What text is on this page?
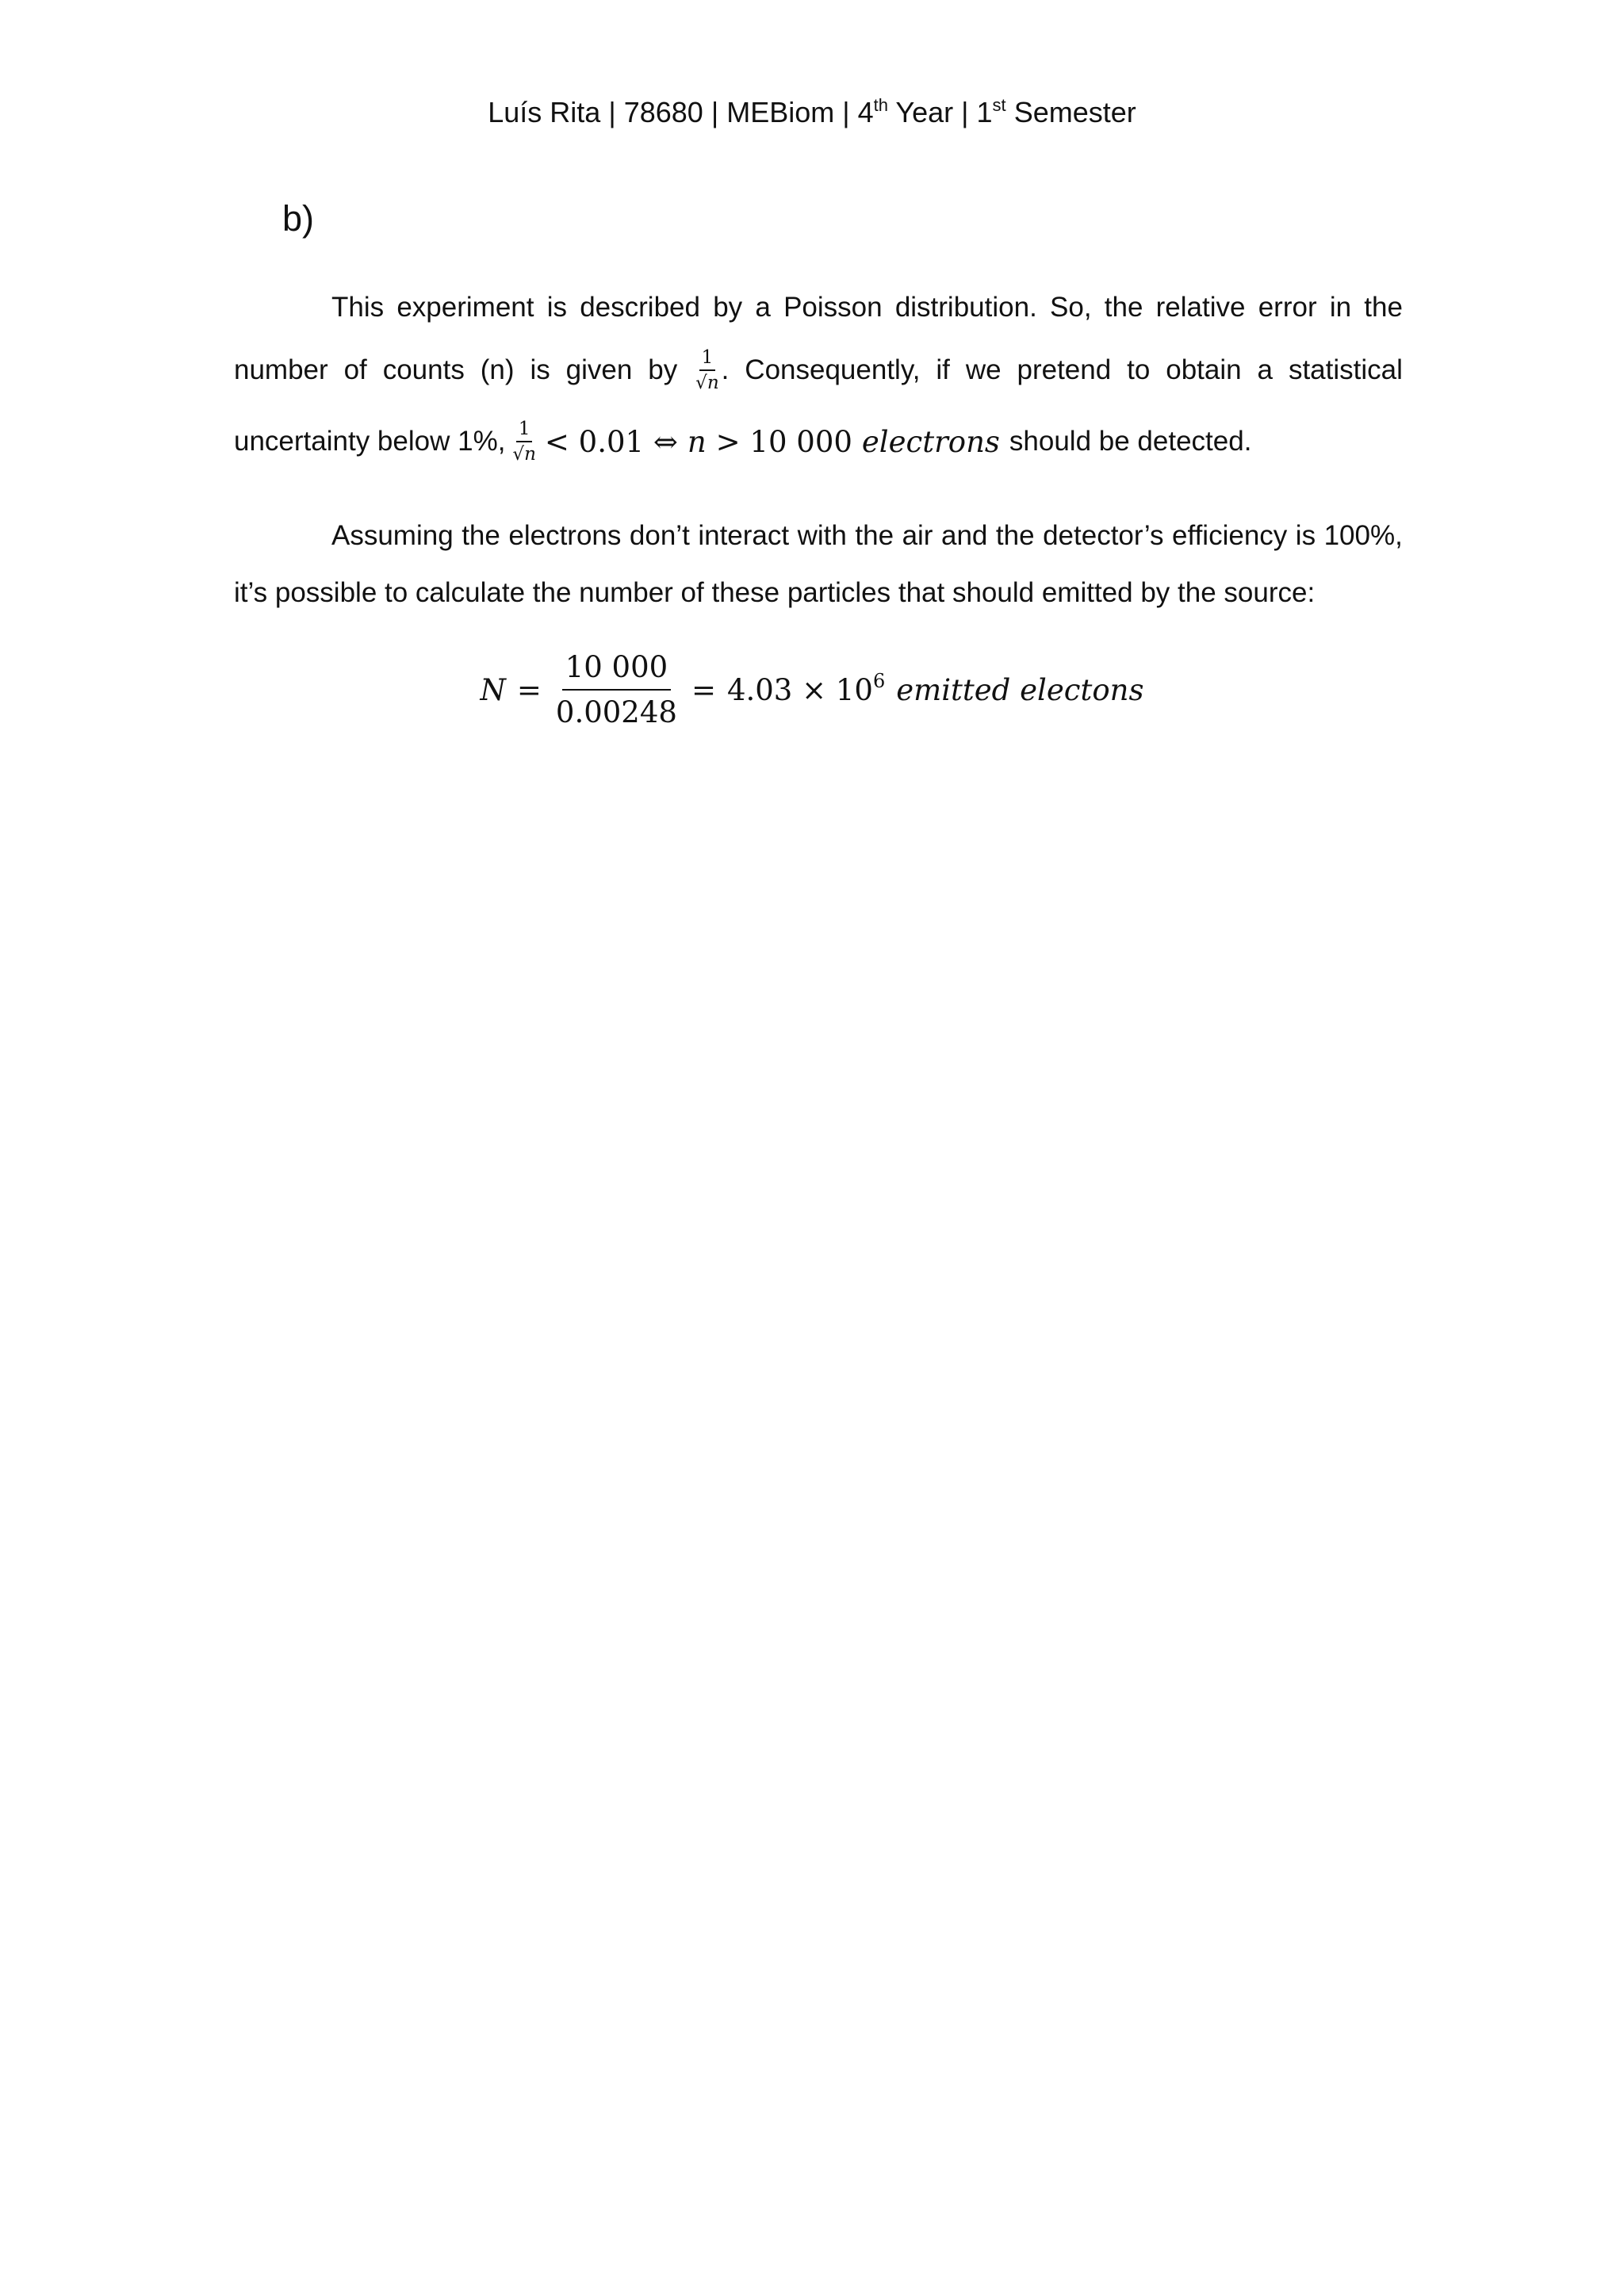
Luís Rita | 78680 | MEBiom | 4th Year | 1st Semester
b)
This experiment is described by a Poisson distribution. So, the relative error in the
number of counts (n) is given by $\frac{1}{√n}$ . Consequently, if we pretend to obtain a statistical
uncertainty below 1%, $\frac{1}{√n} < 0.01$ ⇔ n > 10 000 electrons should be detected.
Assuming the electrons don’t interact with the air and the detector’s efficiency is 100%,
it’s possible to calculate the number of these particles that should emitted by the source:
$N = \frac{10 000}{0.00248} = 4.03 \times 10^6$ emitted electons
